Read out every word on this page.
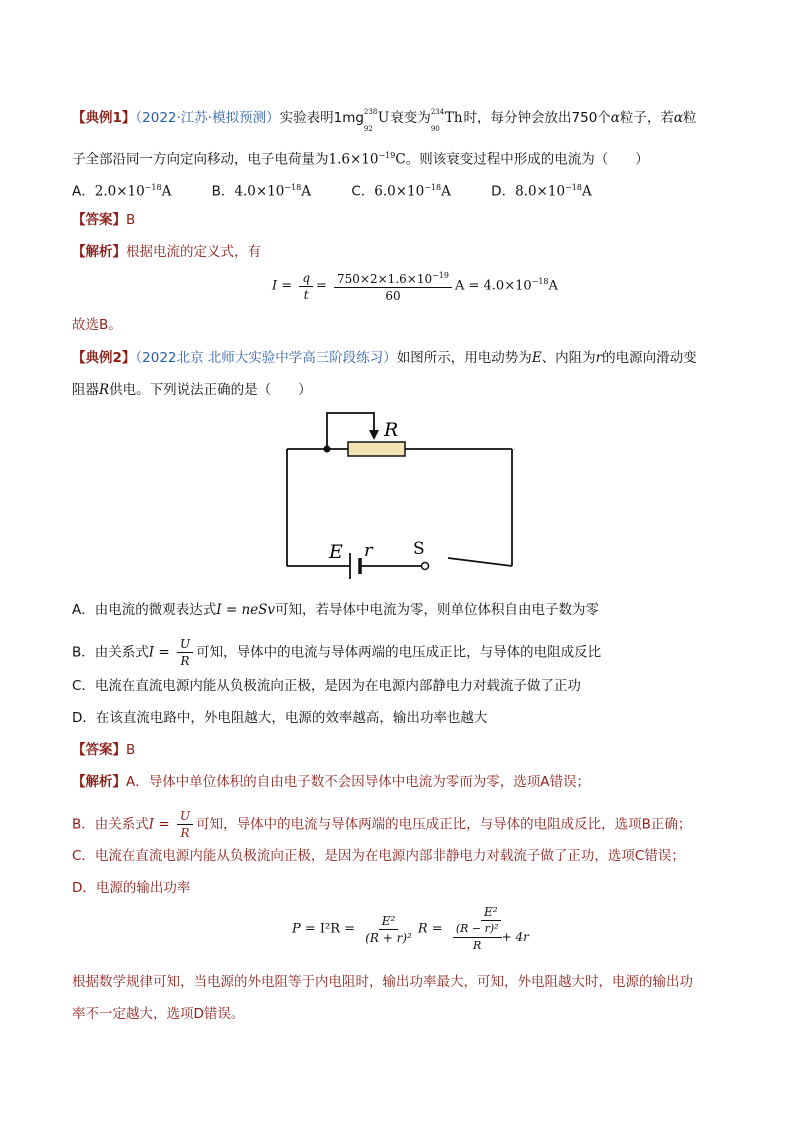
【典例1】（2022·江苏·模拟预测）实验表明1mg 238
92
U衰变为 234
90
Th时，每分钟会放出750个α粒子，若α粒
子全部沿同一方向定向移动，电子电荷量为$1.6\times 10^{-19}C$。则该衰变过程中形成的电流为（　　）
A．$2.0\times 10^{-18}A$	B．$4.0\times 10^{-18}A$	C．$6.0\times 10^{-18}A$	D．$8.0\times 10^{-18}A$
【答案】B
【解析】根据电流的定义式，有
$I = \frac{q}{t} = \frac{750\times 2\times 1.6\times 10^{-19}}{60}$ $A = 4.0\times 10^{-18}A$
故选B。
【典例2】（2022北京 北师大实验中学高三阶段练习）如图所示，用电动势为E、内阻为r的电源向滑动变
阻器R供电。下列说法正确的是（　　）
R
E r S
A．由电流的微观表达式I = neSv可知，若导体中电流为零，则单位体积自由电子数为零
B．由关系式$I = \frac{U}{R}$ 可知，导体中的电流与导体两端的电压成正比，与导体的电阻成反比
C．电流在直流电源内能从负极流向正极，是因为在电源内部静电力对载流子做了正功
D．在该直流电路中，外电阻越大，电源的效率越高，输出功率也越大
【答案】B
【解析】A．导体中单位体积的自由电子数不会因导体中电流为零而为零，选项A错误；
B．由关系式$I = \frac{U}{R}$ 可知，导体中的电流与导体两端的电压成正比，与导体的电阻成反比，选项B正确；
C．电流在直流电源内能从负极流向正极，是因为在电源内部非静电力对载流子做了正功，选项C错误；
D．电源的输出功率
$P = I^2R = \frac{\text{E²}}{\text{(R + r)²}}$ $R = \frac{\text{E²}}{\frac{\text{(R − r)²}}{R} + 4r}$
根据数学规律可知，当电源的外电阻等于内电阻时，输出功率最大，可知，外电阻越大时，电源的输出功
率不一定越大，选项D错误。
